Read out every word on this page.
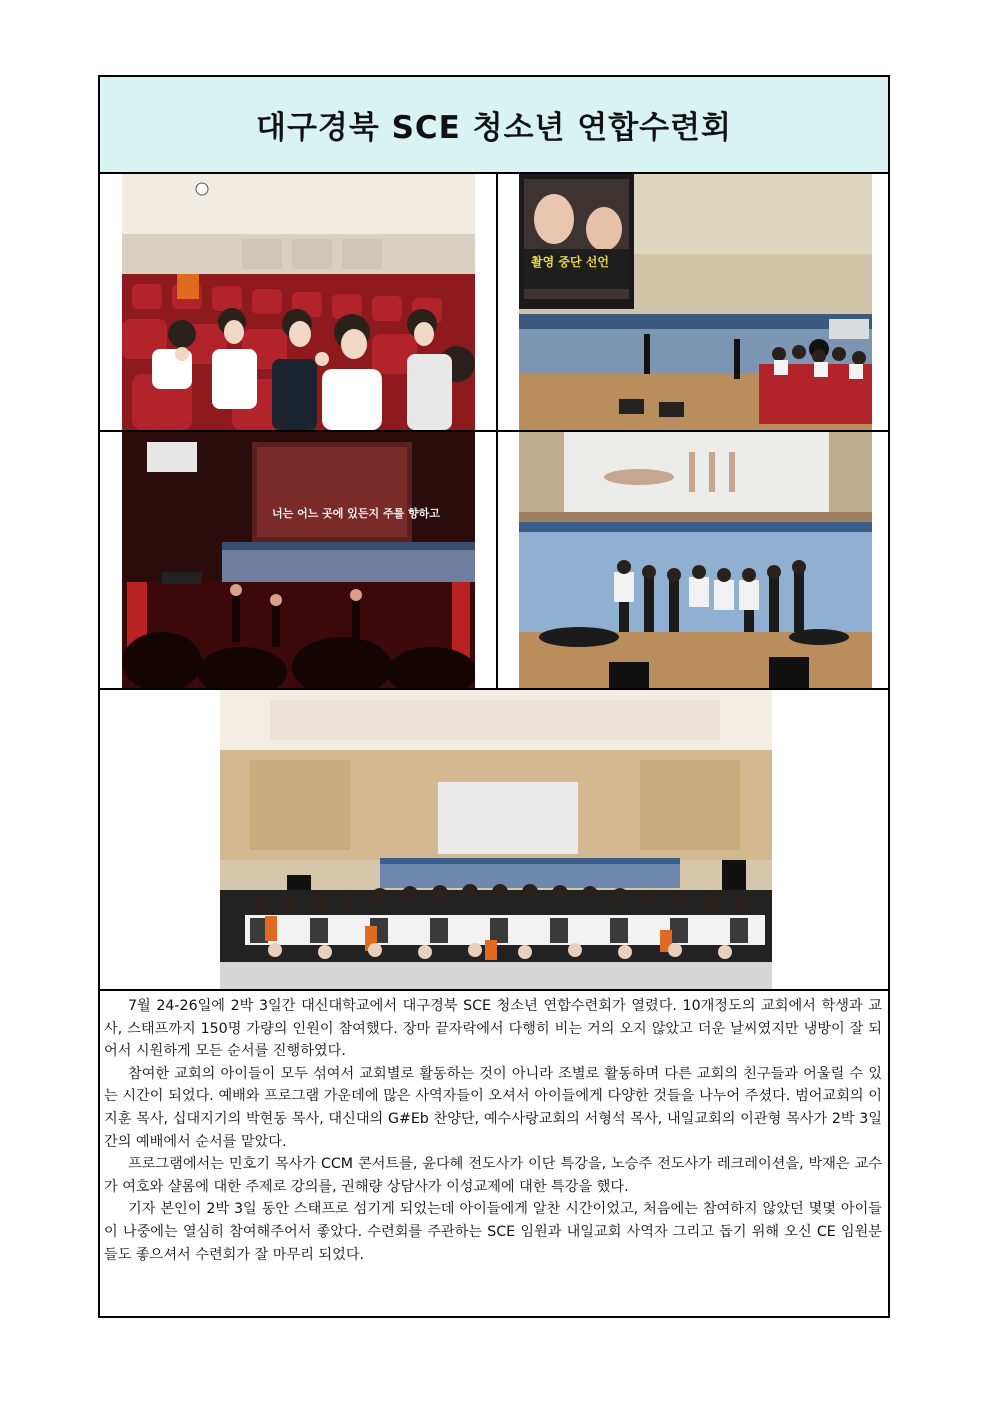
대구경북 SCE 청소년 연합수련회
촬영 중단 선언
너는 어느 곳에 있든지 주를 향하고

7월 24-26일에 2박 3일간 대신대학교에서 대구경북 SCE 청소년 연합수련회가 열렸다. 10개정도의 교회에서 학생과 교사, 스태프까지 150명 가량의 인원이 참여했다. 장마 끝자락에서 다행히 비는 거의 오지 않았고 더운 날씨였지만 냉방이 잘 되어서 시원하게 모든 순서를 진행하였다.

참여한 교회의 아이들이 모두 섞여서 교회별로 활동하는 것이 아니라 조별로 활동하며 다른 교회의 친구들과 어울릴 수 있는 시간이 되었다. 예배와 프로그램 가운데에 많은 사역자들이 오셔서 아이들에게 다양한 것들을 나누어 주셨다. 범어교회의 이지훈 목사, 십대지기의 박현동 목사, 대신대의 G#Eb 찬양단, 예수사랑교회의 서형석 목사, 내일교회의 이관형 목사가 2박 3일간의 예배에서 순서를 맡았다.

프로그램에서는 민호기 목사가 CCM 콘서트를, 윤다혜 전도사가 이단 특강을, 노승주 전도사가 레크레이션을, 박재은 교수가 여호와 샬롬에 대한 주제로 강의를, 권해량 상담사가 이성교제에 대한 특강을 했다.

기자 본인이 2박 3일 동안 스태프로 섬기게 되었는데 아이들에게 알찬 시간이었고, 처음에는 참여하지 않았던 몇몇 아이들이 나중에는 열심히 참여해주어서 좋았다. 수련회를 주관하는 SCE 임원과 내일교회 사역자 그리고 돕기 위해 오신 CE 임원분들도 좋으셔서 수련회가 잘 마무리 되었다.
